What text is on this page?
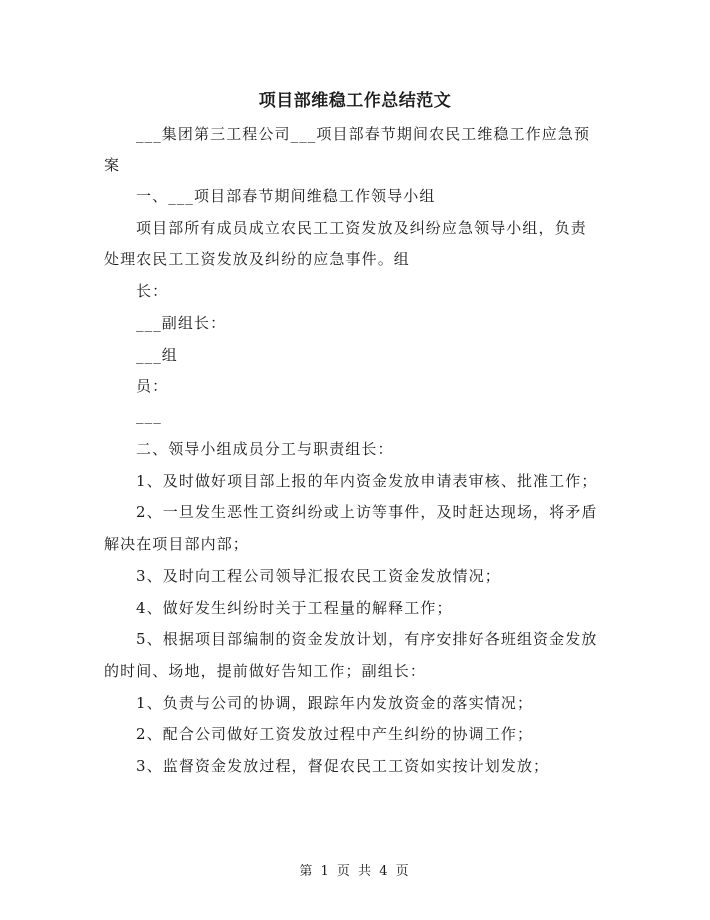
项目部维稳工作总结范文
___集团第三工程公司___项目部春节期间农民工维稳工作应急预
案
一、___项目部春节期间维稳工作领导小组
项目部所有成员成立农民工工资发放及纠纷应急领导小组，负责
处理农民工工资发放及纠纷的应急事件。组
长：
___副组长：
___组
员：
___
二、领导小组成员分工与职责组长：
1、及时做好项目部上报的年内资金发放申请表审核、批准工作；
2、一旦发生恶性工资纠纷或上访等事件，及时赶达现场，将矛盾
解决在项目部内部；
3、及时向工程公司领导汇报农民工资金发放情况；
4、做好发生纠纷时关于工程量的解释工作；
5、根据项目部编制的资金发放计划，有序安排好各班组资金发放
的时间、场地，提前做好告知工作；副组长：
1、负责与公司的协调，跟踪年内发放资金的落实情况；
2、配合公司做好工资发放过程中产生纠纷的协调工作；
3、监督资金发放过程，督促农民工工资如实按计划发放；
第 1 页 共 4 页
